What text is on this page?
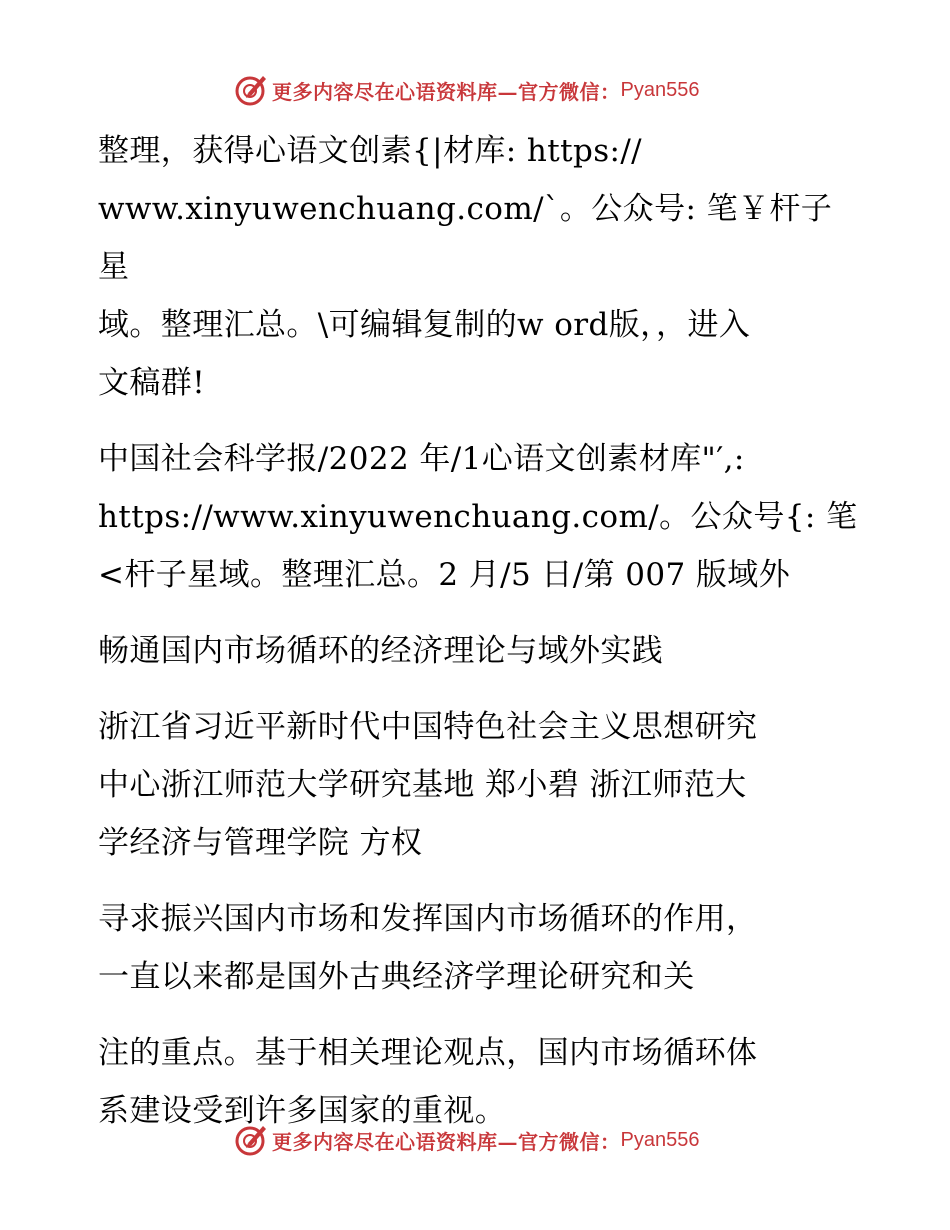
更多内容尽在心语资料库—官方微信： Pyan556

整理，获得心语文创素{|材库: https://
www.xinyuwenchuang.com/`。公众号: 笔￥杆子星
域。整理汇总。\可编辑复制的w ord版，，进入
文稿群!

中国社会科学报/2022 年/1心语文创素材库"′,:
https://www.xinyuwenchuang.com/。公众号{: 笔
<杆子星域。整理汇总。2 月/5 日/第 007 版域外

畅通国内市场循环的经济理论与域外实践

浙江省习近平新时代中国特色社会主义思想研究
中心浙江师范大学研究基地 郑小碧 浙江师范大
学经济与管理学院 方权

寻求振兴国内市场和发挥国内市场循环的作用，
一直以来都是国外古典经济学理论研究和关

注的重点。基于相关理论观点，国内市场循环体
系建设受到许多国家的重视。

更多内容尽在心语资料库—官方微信： Pyan556
